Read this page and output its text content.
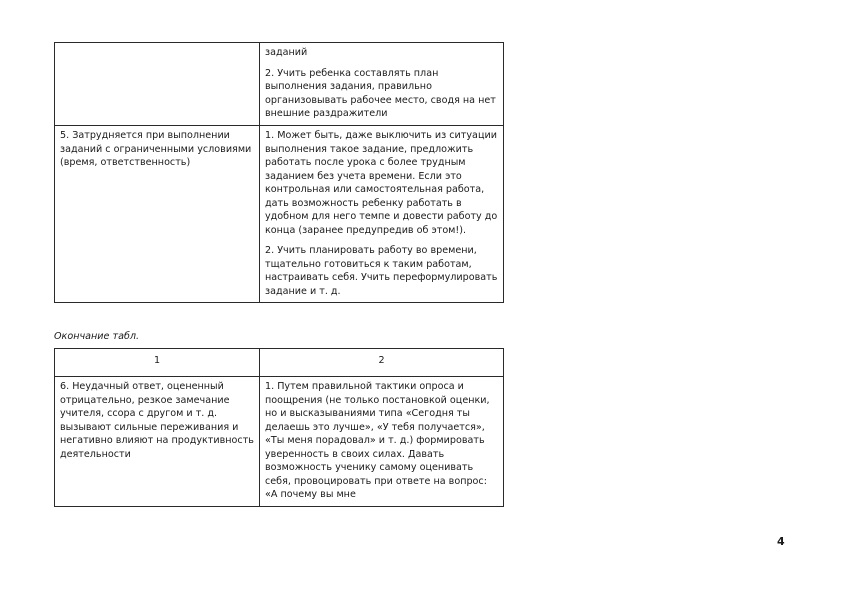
	заданий

2. Учить ребенка составлять план выполнения задания, правильно организовывать рабочее место, сводя на нет внешние раздражители

5. Затрудняется при выполнении заданий с ограниченными условиями (время, ответственность)	1. Может быть, даже выключить из ситуации выполнения такое задание, предложить работать после урока с более трудным заданием без учета времени. Если это контрольная или самостоятельная работа, дать возможность ребенку работать в удобном для него темпе и довести работу до конца (заранее предупредив об этом!).

2. Учить планировать работу во времени, тщательно готовиться к таким работам, настраивать себя. Учить переформулировать задание и т. д.

Окончание табл.
1	2
6. Неудачный ответ, оцененный отрицательно, резкое замечание учителя, ссора с другом и т. д. вызывают сильные переживания и негативно влияют на продуктивность деятельности	1. Путем правильной тактики опроса и поощрения (не только постановкой оценки, но и высказываниями типа «Сегодня ты делаешь это лучше», «У тебя получается», «Ты меня порадовал» и т. д.) формировать уверенность в своих силах. Давать возможность ученику самому оценивать себя, провоцировать при ответе на вопрос: «А почему вы мне

4
